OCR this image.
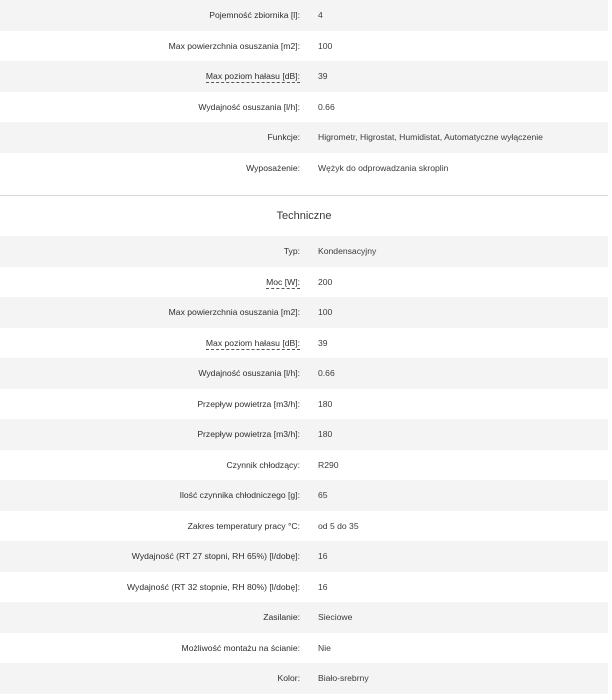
Pojemność zbiornika [l]:	4
Max powierzchnia osuszania [m2]:	100
Max poziom hałasu [dB]:	39
Wydajność osuszania [l/h]:	0.66
Funkcje:	Higrometr, Higrostat, Humidistat, Automatyczne wyłączenie
Wyposażenie:	Wężyk do odprowadzania skroplin
Techniczne
Typ:	Kondensacyjny
Moc [W]:	200
Max powierzchnia osuszania [m2]:	100
Max poziom hałasu [dB]:	39
Wydajność osuszania [l/h]:	0.66
Przepływ powietrza [m3/h]:	180
Przepływ powietrza [m3/h]:	180
Czynnik chłodzący:	R290
Ilość czynnika chłodniczego [g]:	65
Zakres temperatury pracy °C:	od 5 do 35
Wydajność (RT 27 stopni, RH 65%) [l/dobę]:	16
Wydajność (RT 32 stopnie, RH 80%) [l/dobę]:	16
Zasilanie:	Sieciowe
Możliwość montażu na ścianie:	Nie
Kolor:	Biało-srebrny
